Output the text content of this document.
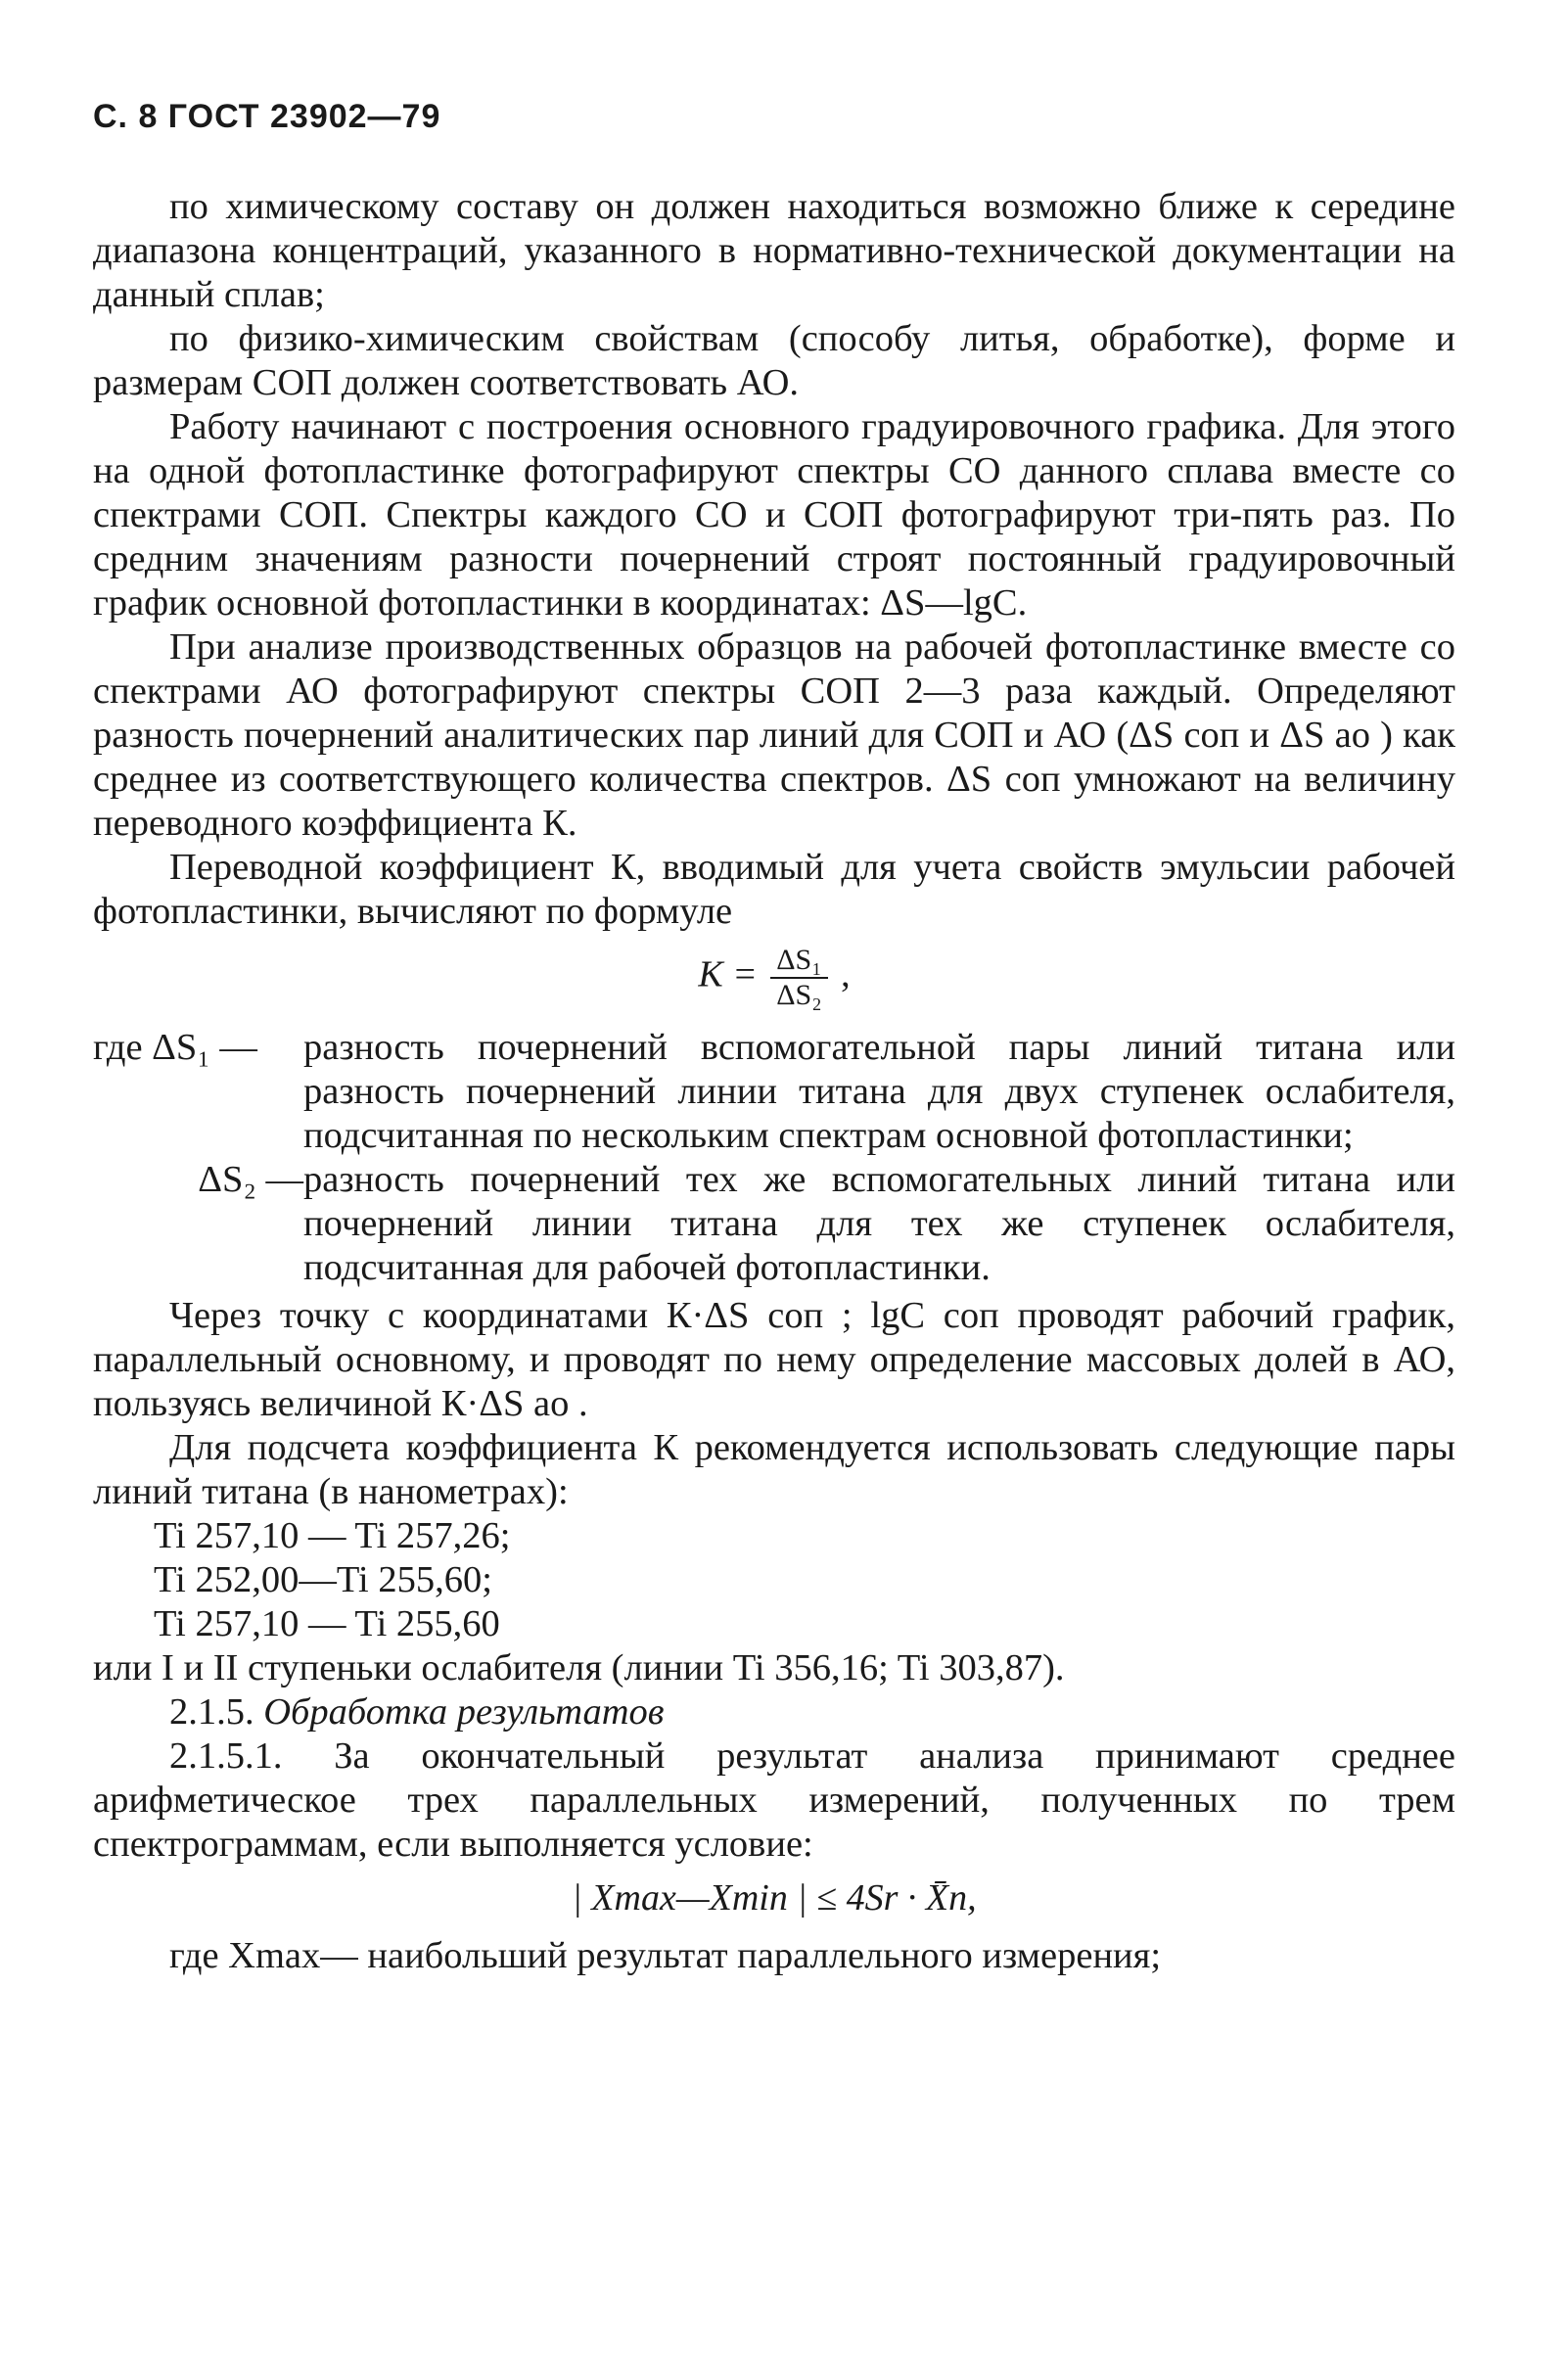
С. 8 ГОСТ 23902—79

по химическому составу он должен находиться возможно ближе к середине диапазона концентраций, указанного в нормативно-технической документации на данный сплав;

по физико-химическим свойствам (способу литья, обработке), форме и размерам СОП должен соответствовать АО.

Работу начинают с построения основного градуировочного графика. Для этого на одной фотопластинке фотографируют спектры СО данного сплава вместе со спектрами СОП. Спектры каждого СО и СОП фотографируют три-пять раз. По средним значениям разности почернений строят постоянный градуировочный график основной фотопластинки в координатах: ΔS—lgC.

При анализе производственных образцов на рабочей фотопластинке вместе со спектрами АО фотографируют спектры СОП 2—3 раза каждый. Определяют разность почернений аналитических пар линий для СОП и АО (ΔS соп и ΔS ао ) как среднее из соответствующего количества спектров. ΔS соп умножают на величину переводного коэффициента К.

Переводной коэффициент К, вводимый для учета свойств эмульсии рабочей фотопластинки, вычисляют по формуле

$К = \frac{\text{ΔS₁}}{\text{ΔS₂}}$ ,
где ΔS₁ —	разность почернений вспомогательной пары линий титана или разность почернений линии титана для двух ступенек ослабителя, подсчитанная по нескольким спектрам основной фотопластинки;
ΔS₂ —	разность почернений тех же вспомогательных линий титана или почернений линии титана для тех же ступенек ослабителя, подсчитанная для рабочей фотопластинки.

Через точку с координатами К·ΔS соп ; lgC соп проводят рабочий график, параллельный основному, и проводят по нему определение массовых долей в АО, пользуясь величиной К·ΔS ао .

Для подсчета коэффициента К рекомендуется использовать следующие пары линий титана (в нанометрах):

Ti 257,10 — Ti 257,26;
Ti 252,00—Ti 255,60;
Ti 257,10 — Ti 255,60

или I и II ступеньки ослабителя (линии Ti 356,16; Ti 303,87).

2.1.5. Обработка результатов

2.1.5.1. За окончательный результат анализа принимают среднее арифметическое трех параллельных измерений, полученных по трем спектрограммам, если выполняется условие:

| Xmax—Xmin | ≤ 4Sr · X̄n,

где Xmax— наибольший результат параллельного измерения;
